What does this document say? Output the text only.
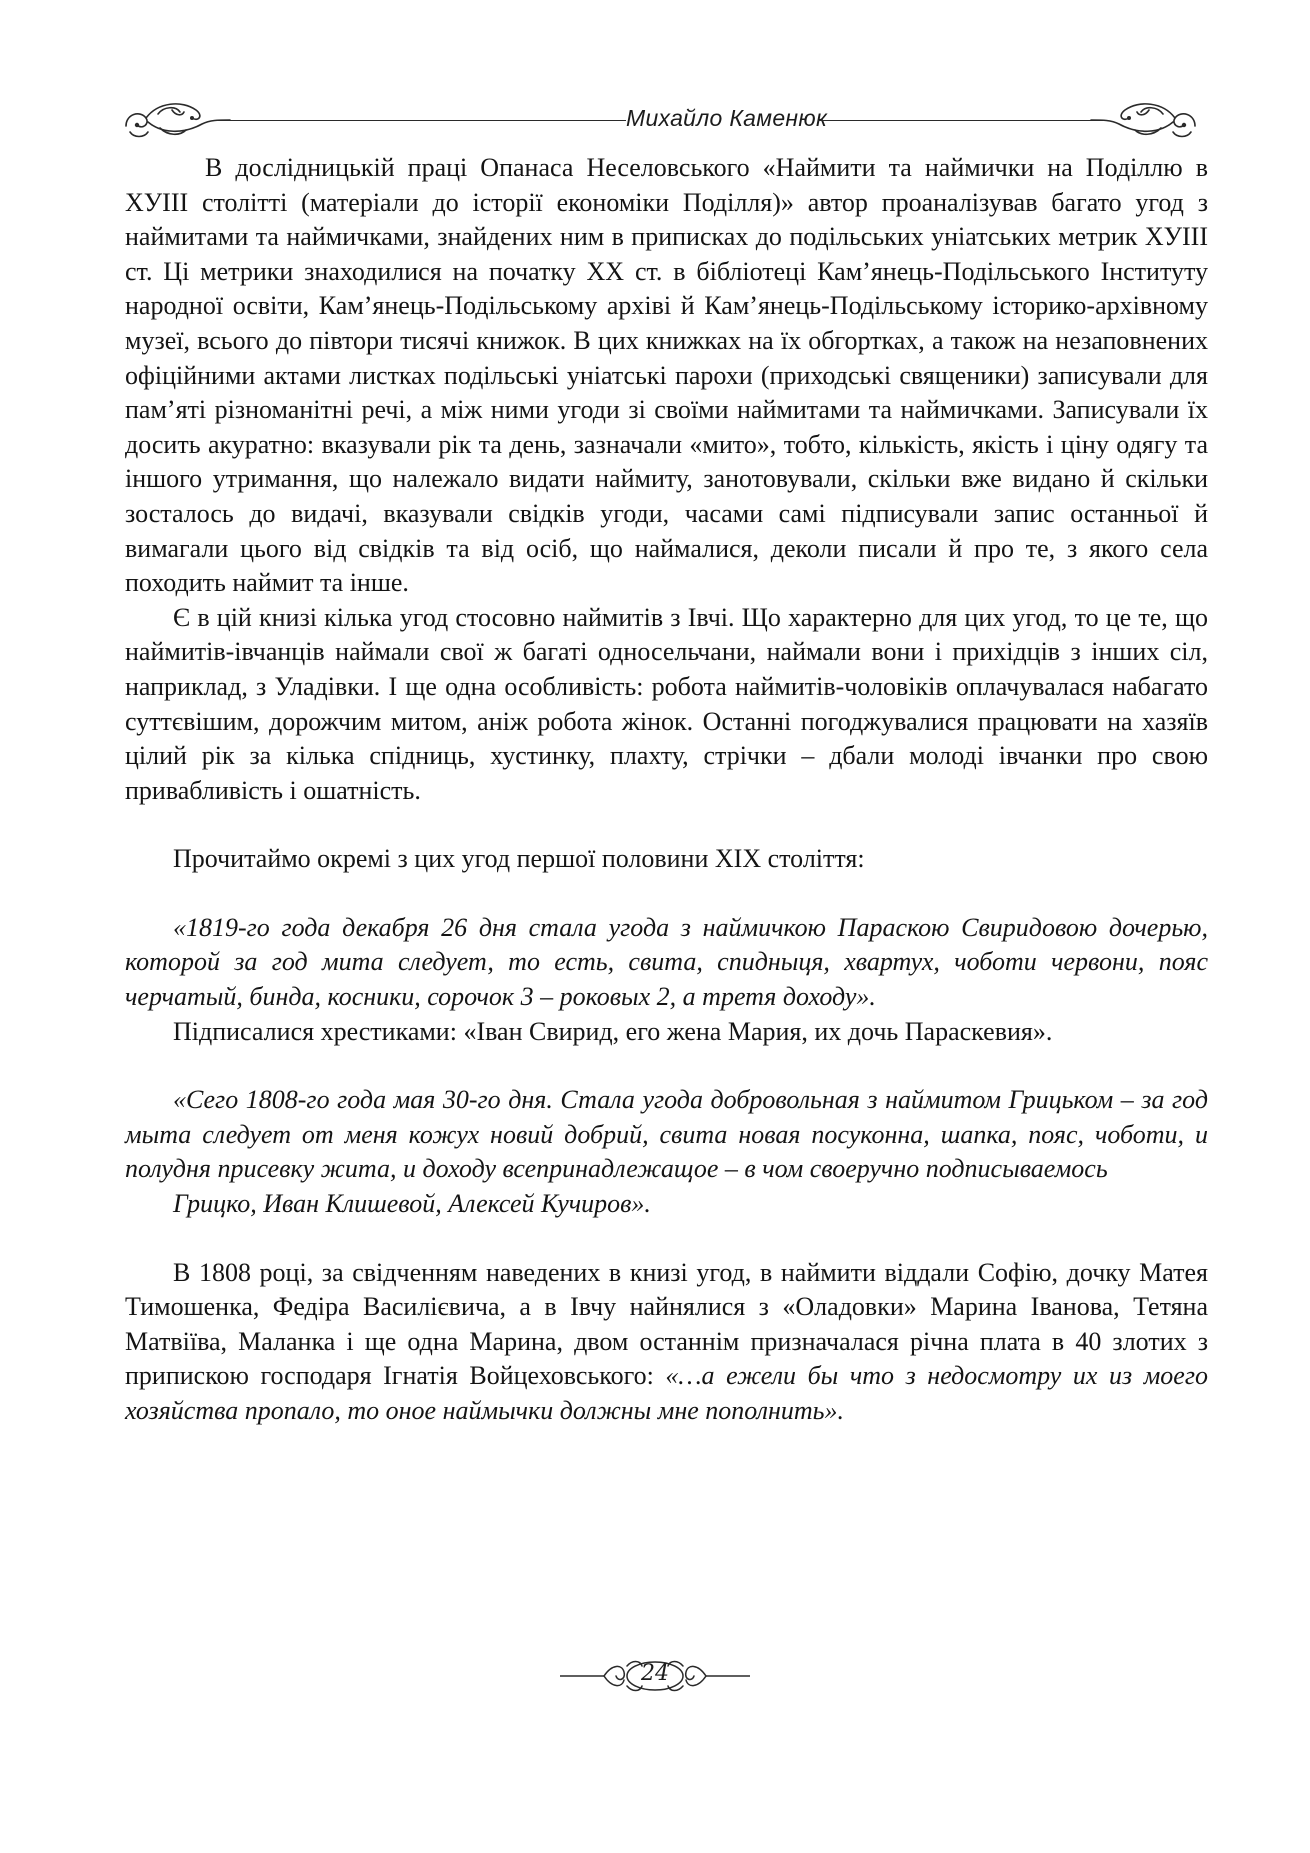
Михайло Каменюк

В дослідницькій праці Опанаса Неселовського «Наймити та наймички на Поділлю в ХУІІІ столітті (матеріали до історії економіки Поділля)» автор проаналізував багато угод з наймитами та наймичками, знайдених ним в приписках до подільських уніатських метрик ХУІІІ ст. Ці метрики знаходилися на початку ХХ ст. в бібліотеці Кам’янець-Подільського Інституту народної освіти, Кам’янець-Подільському архіві й Кам’янець-Подільському історико-архівному музеї, всього до півтори тисячі книжок. В цих книжках на їх обгортках, а також на незаповнених офіційними актами листках подільські уніатські парохи (приходські священики) записували для пам’яті різноманітні речі, а між ними угоди зі своїми наймитами та наймичками. Записували їх досить акуратно: вказували рік та день, зазначали «мито», тобто, кількість, якість і ціну одягу та іншого утримання, що належало видати наймиту, занотовували, скільки вже видано й скільки зосталось до видачі, вказували свідків угоди, часами самі підписували запис останньої й вимагали цього від свідків та від осіб, що наймалися, деколи писали й про те, з якого села походить наймит та інше.

Є в цій книзі кілька угод стосовно наймитів з Івчі. Що характерно для цих угод, то це те, що наймитів-івчанців наймали свої ж багаті односельчани, наймали вони і прихідців з інших сіл, наприклад, з Уладівки. І ще одна особливість: робота наймитів-чоловіків оплачувалася набагато суттєвішим, дорожчим митом, аніж робота жінок. Останні погоджувалися працювати на хазяїв цілий рік за кілька спідниць, хустинку, плахту, стрічки – дбали молоді івчанки про свою привабливість і ошатність.

Прочитаймо окремі з цих угод першої половини ХІХ століття:

«1819-го года декабря 26 дня стала угода з наймичкою Параскою Свиридовою дочерью, которой за год мита следует, то есть, свита, спидныця, хвартух, чоботи червони, пояс черчатый, бинда, косники, сорочок 3 – роковых 2, а третя доходу».

Підписалися хрестиками: «Іван Свирид, его жена Мария, их дочь Параскевия».

«Сего 1808-го года мая 30-го дня. Стала угода добровольная з наймитом Грицьком – за год мыта следует от меня кожух новий добрий, свита новая посуконна, шапка, пояс, чоботи, и полудня присевку жита, и доходу всепринадлежащое – в чом своеручно подписываемось

Грицко, Иван Клишевой, Алексей Кучиров».

В 1808 році, за свідченням наведених в книзі угод, в наймити віддали Софію, дочку Матея Тимошенка, Федіра Василієвича, а в Івчу найнялися з «Оладовки» Марина Іванова, Тетяна Матвіїва, Маланка і ще одна Марина, двом останнім призначалася річна плата в 40 злотих з припискою господаря Ігнатія Войцеховського: «…а ежели бы что з недосмотру их из моего хозяйства пропало, то оное наймычки должны мне пополнить».

24
